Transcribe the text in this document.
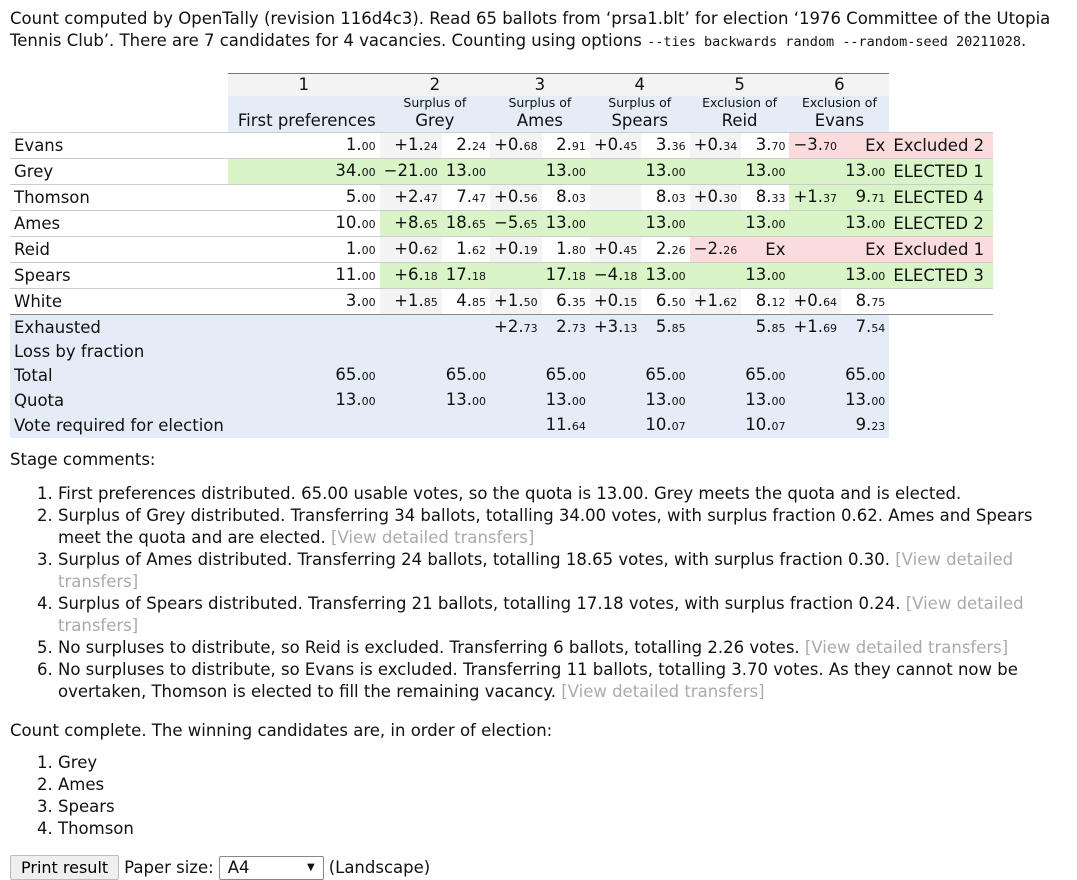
Count computed by OpenTally (revision 116d4c3). Read 65 ballots from ‘prsa1.blt’ for election ‘1976 Committee of the Utopia Tennis Club’. There are 7 candidates for 4 vacancies. Counting using options --ties backwards random --random-seed 20211028.

	1	2		3		4		5		6		
		Surplus of		Surplus of		Surplus of		Exclusion of		Exclusion of		
	First preferences	Grey		Ames		Spears		Reid		Evans		
Evans	1.00	+1.24	2.24	+0.68	2.91	+0.45	3.36	+0.34	3.70	−3.70	Ex	Excluded 2
Grey	34.00	−21.00	13.00		13.00		13.00		13.00		13.00	ELECTED 1
Thomson	5.00	+2.47	7.47	+0.56	8.03		8.03	+0.30	8.33	+1.37	9.71	ELECTED 4
Ames	10.00	+8.65	18.65	−5.65	13.00		13.00		13.00		13.00	ELECTED 2
Reid	1.00	+0.62	1.62	+0.19	1.80	+0.45	2.26	−2.26	Ex		Ex	Excluded 1
Spears	11.00	+6.18	17.18		17.18	−4.18	13.00		13.00		13.00	ELECTED 3
White	3.00	+1.85	4.85	+1.50	6.35	+0.15	6.50	+1.62	8.12	+0.64	8.75	
Exhausted				+2.73	2.73	+3.13	5.85		5.85	+1.69	7.54	
Loss by fraction												
Total	65.00		65.00		65.00		65.00		65.00		65.00	
Quota	13.00		13.00		13.00		13.00		13.00		13.00	
Vote required for election					11.64		10.07		10.07		9.23	
Stage comments:
1. First preferences distributed. 65.00 usable votes, so the quota is 13.00. Grey meets the quota and is elected.
2. Surplus of Grey distributed. Transferring 34 ballots, totalling 34.00 votes, with surplus fraction 0.62. Ames and Spears meet the quota and are elected. [View detailed transfers]
3. Surplus of Ames distributed. Transferring 24 ballots, totalling 18.65 votes, with surplus fraction 0.30. [View detailed transfers]
4. Surplus of Spears distributed. Transferring 21 ballots, totalling 17.18 votes, with surplus fraction 0.24. [View detailed transfers]
5. No surpluses to distribute, so Reid is excluded. Transferring 6 ballots, totalling 2.26 votes. [View detailed transfers]
6. No surpluses to distribute, so Evans is excluded. Transferring 11 ballots, totalling 3.70 votes. As they cannot now be overtaken, Thomson is elected to fill the remaining vacancy. [View detailed transfers]
Count complete. The winning candidates are, in order of election:
1. Grey
2. Ames
3. Spears
4. Thomson
Print result Paper size: A4	▼ (Landscape)
